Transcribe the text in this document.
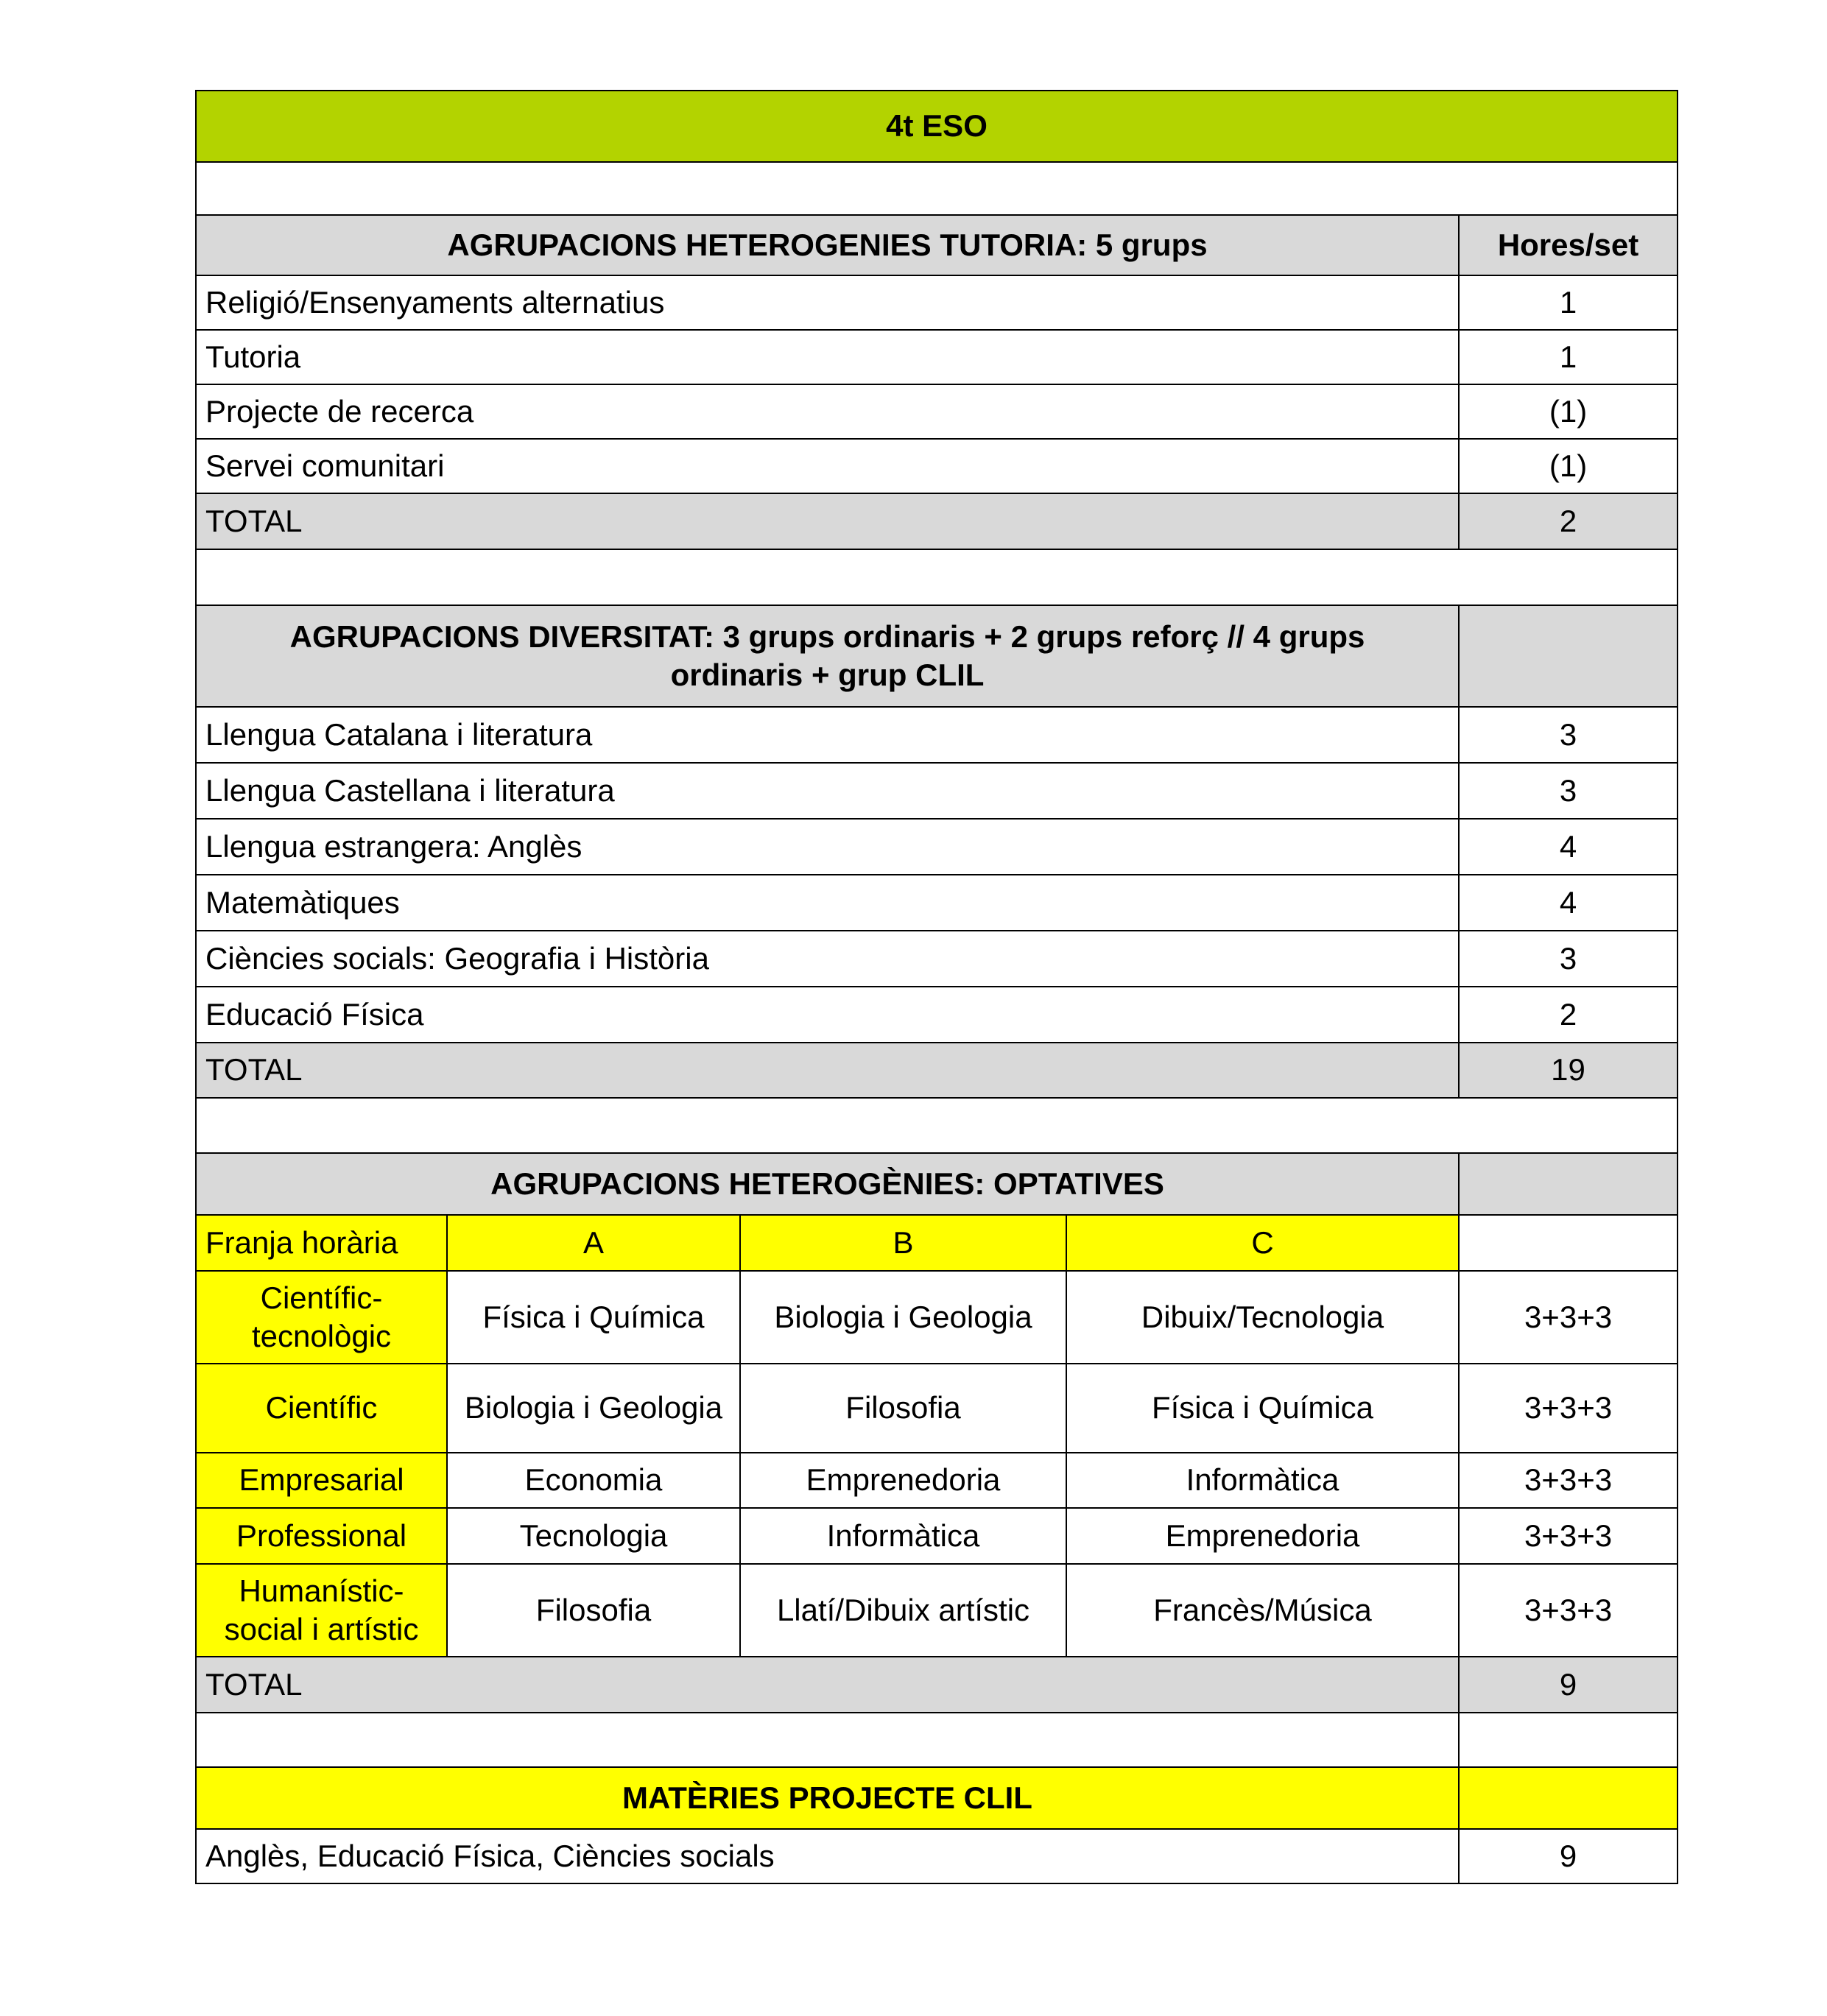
4t ESO				

AGRUPACIONS HETEROGENIES TUTORIA: 5 grups				Hores/set
Religió/Ensenyaments alternatius				1
Tutoria				1
Projecte de recerca				(1)
Servei comunitari				(1)
TOTAL				2

AGRUPACIONS DIVERSITAT: 3 grups ordinaris + 2 grups reforç // 4 grups ordinaris + grup CLIL				
Llengua Catalana i literatura				3
Llengua Castellana i literatura				3
Llengua estrangera: Anglès				4
Matemàtiques				4
Ciències socials: Geografia i Història				3
Educació Física				2
TOTAL				19

AGRUPACIONS HETEROGÈNIES: OPTATIVES				
Franja horària	A	B	C	
Científic-tecnològic	Física i Química	Biologia i Geologia	Dibuix/Tecnologia	3+3+3
Científic	Biologia i Geologia	Filosofia	Física i Química	3+3+3
Empresarial	Economia	Emprenedoria	Informàtica	3+3+3
Professional	Tecnologia	Informàtica	Emprenedoria	3+3+3
Humanístic-social i artístic	Filosofia	Llatí/Dibuix artístic	Francès/Música	3+3+3
TOTAL				9

MATÈRIES PROJECTE CLIL				
Anglès, Educació Física, Ciències socials				9
